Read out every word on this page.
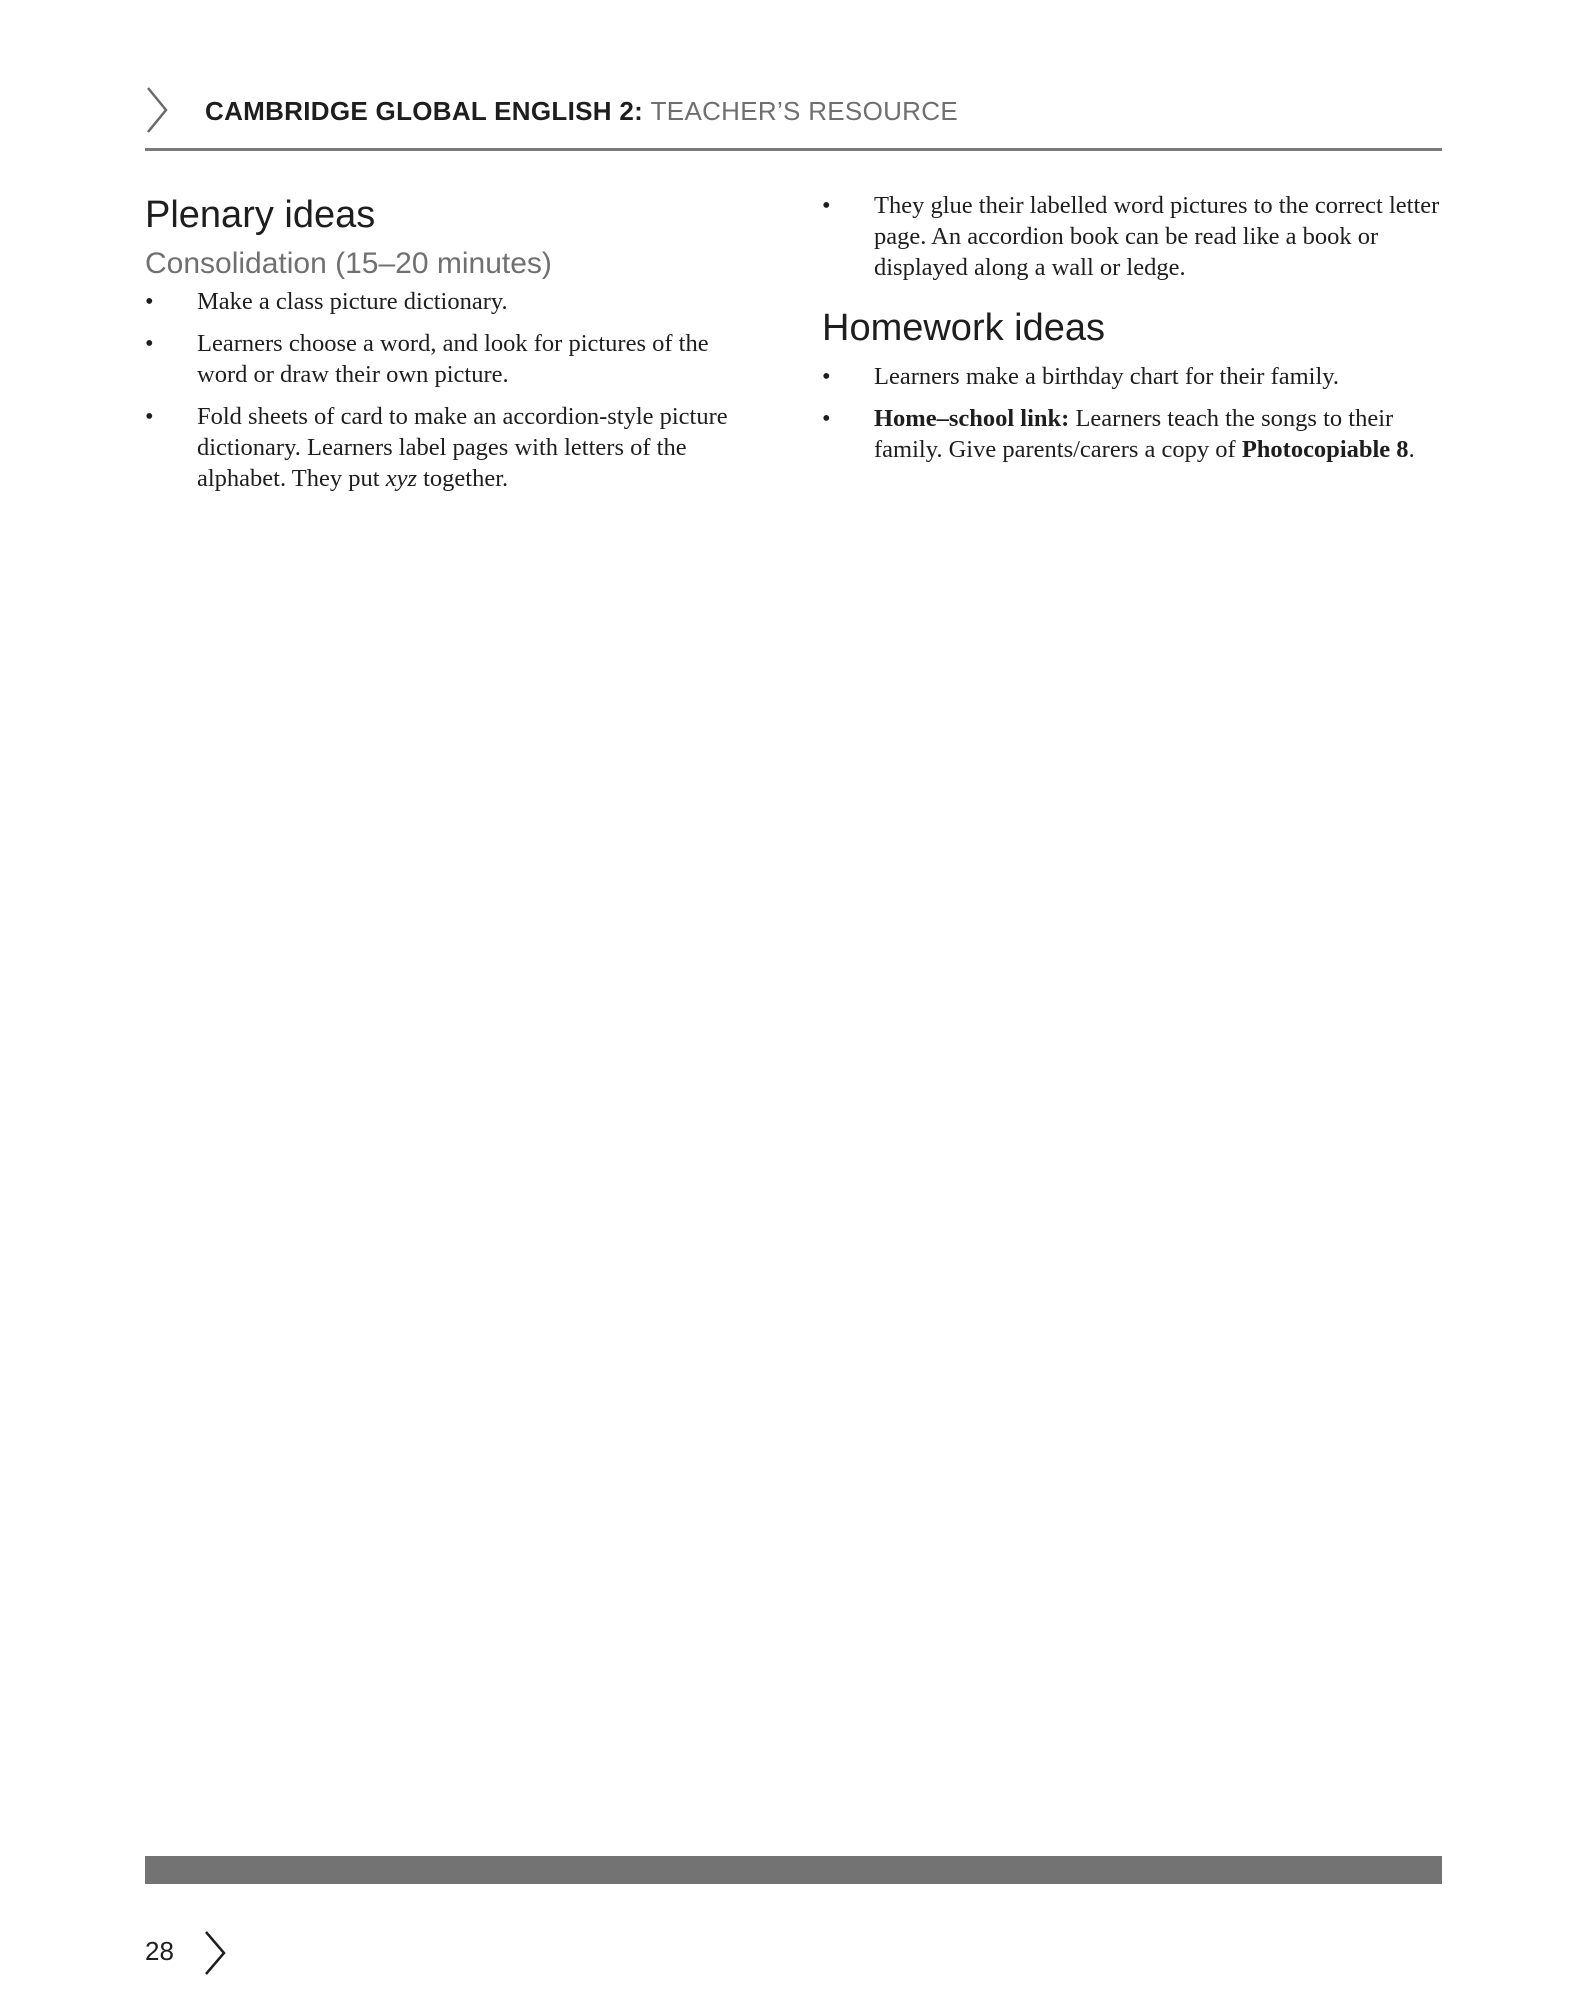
CAMBRIDGE GLOBAL ENGLISH 2: TEACHER’S RESOURCE
Plenary ideas
Consolidation (15–20 minutes)
• Make a class picture dictionary.
• Learners choose a word, and look for pictures of the word or draw their own picture.
• Fold sheets of card to make an accordion-style picture dictionary. Learners label pages with letters of the alphabet. They put xyz together.
• They glue their labelled word pictures to the correct letter page. An accordion book can be read like a book or displayed along a wall or ledge.
Homework ideas
• Learners make a birthday chart for their family.
• Home–school link: Learners teach the songs to their family. Give parents/carers a copy of Photocopiable 8.
28
